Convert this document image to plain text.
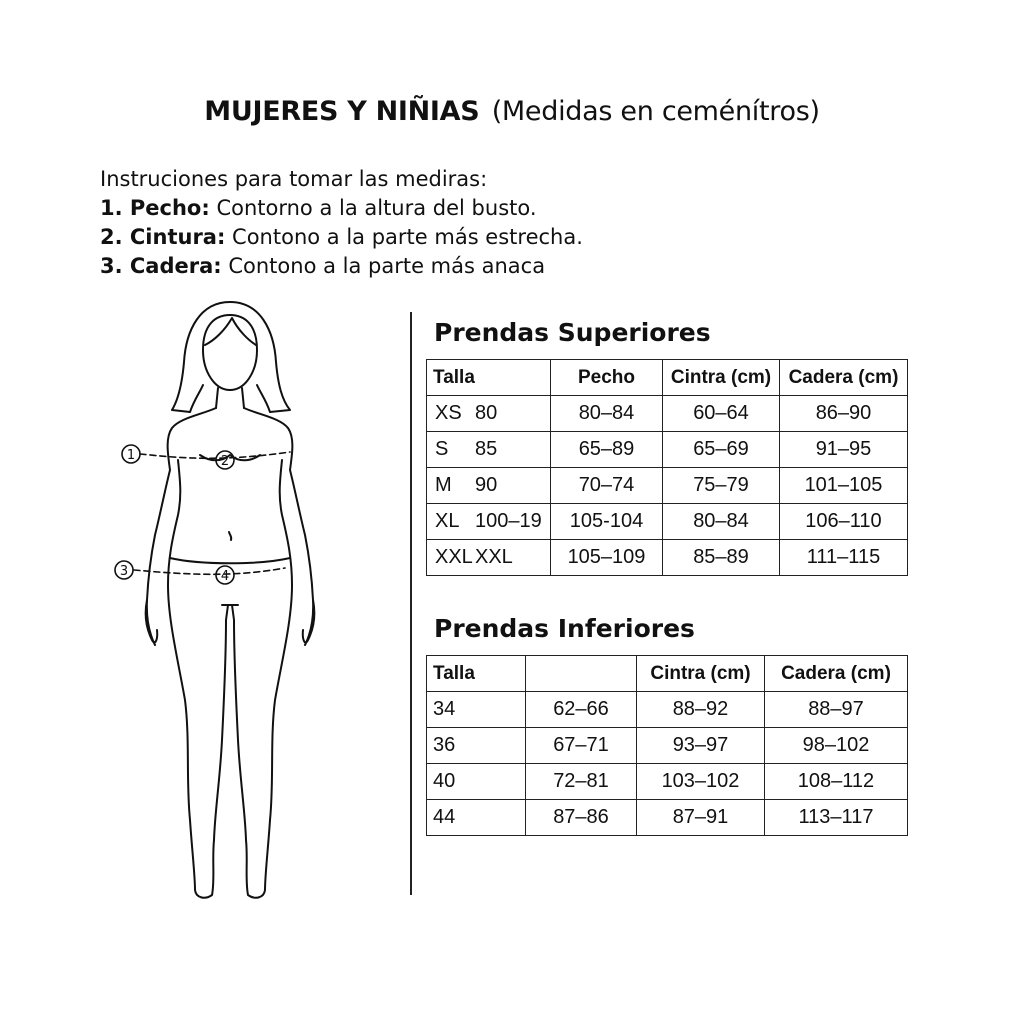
MUJERES Y NIÑIAS (Medidas en ceménítros)
Instruciones para tomar las mediras:
1. Pecho: Contorno a la altura del busto.
2. Cintura: Contono a la parte más estrecha.
3. Cadera: Contono a la parte más anaca
1	2
3	4
Prendas Superiores
Talla	Pecho	Cintra (cm)	Cadera (cm)
XS 80	80–84	60–64	86–90
S 85	65–89	65–69	91–95
M 90	70–74	75–79	101–105
XL 100–19	105-104	80–84	106–110
XXL XXL	105–109	85–89	111–115
Prendas Inferiores
Talla		Cintra (cm)	Cadera (cm)
34	62–66	88–92	88–97
36	67–71	93–97	98–102
40	72–81	103–102	108–112
44	87–86	87–91	113–117
